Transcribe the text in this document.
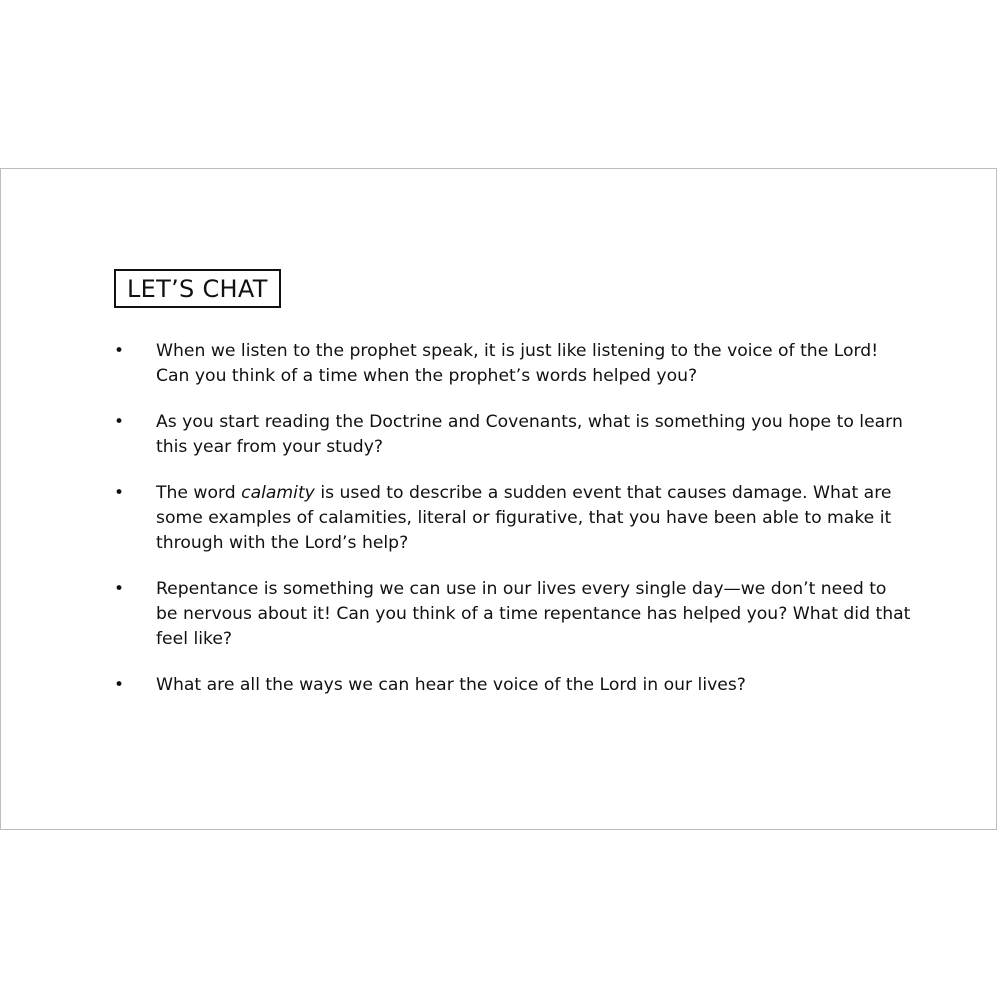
LET’S CHAT
• When we listen to the prophet speak, it is just like listening to the voice of the Lord! Can you think of a time when the prophet’s words helped you?
• As you start reading the Doctrine and Covenants, what is something you hope to learn this year from your study?
• The word calamity is used to describe a sudden event that causes damage. What are some examples of calamities, literal or figurative, that you have been able to make it through with the Lord’s help?
• Repentance is something we can use in our lives every single day—we don’t need to be nervous about it! Can you think of a time repentance has helped you? What did that feel like?
• What are all the ways we can hear the voice of the Lord in our lives?
